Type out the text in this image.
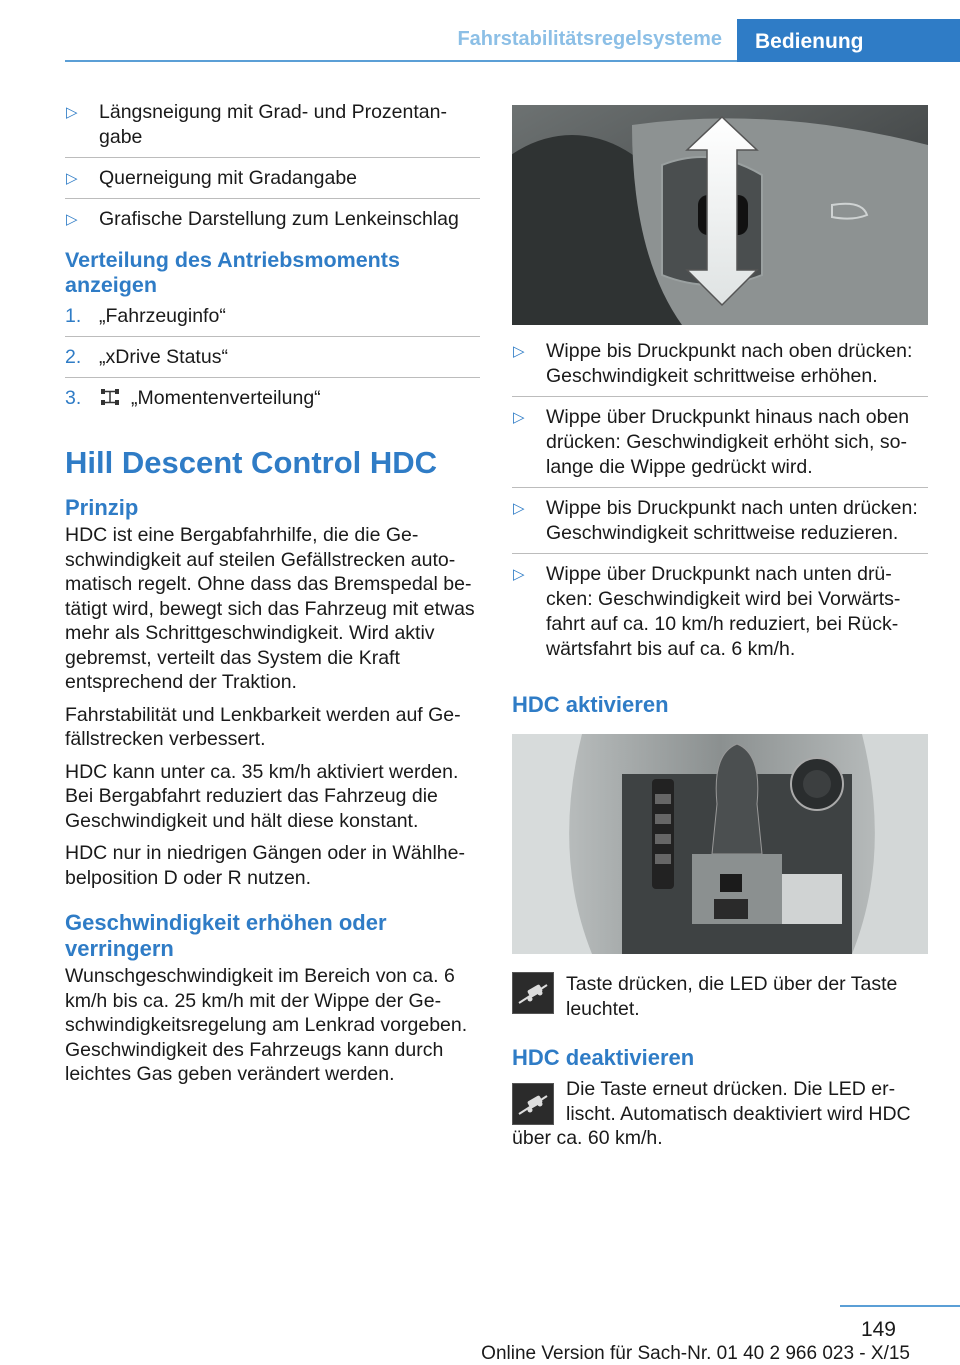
Fahrstabilitätsregelsysteme	Bedienung
▷ Längsneigung mit Grad- und Prozentangabe
▷ Querneigung mit Gradangabe
▷ Grafische Darstellung zum Lenkeinschlag
Verteilung des Antriebsmoments anzeigen
1. „Fahrzeuginfo“
2. „xDrive Status“
3.	„Momentenverteilung“
Hill Descent Control HDC
Prinzip

HDC ist eine Bergabfahrhilfe, die die Geschwindigkeit auf steilen Gefällstrecken automatisch regelt. Ohne dass das Bremspedal betätigt wird, bewegt sich das Fahrzeug mit etwas mehr als Schrittgeschwindigkeit. Wird aktiv gebremst, verteilt das System die Kraft entsprechend der Traktion.

Fahrstabilität und Lenkbarkeit werden auf Gefällstrecken verbessert.

HDC kann unter ca. 35 km/h aktiviert werden. Bei Bergabfahrt reduziert das Fahrzeug die Geschwindigkeit und hält diese konstant.

HDC nur in niedrigen Gängen oder in Wählhebelposition D oder R nutzen.

Geschwindigkeit erhöhen oder verringern

Wunschgeschwindigkeit im Bereich von ca. 6 km/h bis ca. 25 km/h mit der Wippe der Geschwindigkeitsregelung am Lenkrad vorgeben. Geschwindigkeit des Fahrzeugs kann durch leichtes Gas geben verändert werden.

▷ Wippe bis Druckpunkt nach oben drücken: Geschwindigkeit schrittweise erhöhen.
▷ Wippe über Druckpunkt hinaus nach oben drücken: Geschwindigkeit erhöht sich, solange die Wippe gedrückt wird.
▷ Wippe bis Druckpunkt nach unten drücken: Geschwindigkeit schrittweise reduzieren.
▷ Wippe über Druckpunkt nach unten drücken: Geschwindigkeit wird bei Vorwärtsfahrt auf ca. 10 km/h reduziert, bei Rückwärtsfahrt bis auf ca. 6 km/h.
HDC aktivieren

Taste drücken, die LED über der Taste leuchtet.

HDC deaktivieren

Die Taste erneut drücken. Die LED erlischt. Automatisch deaktiviert wird HDC über ca. 60 km/h.

149
Online Version für Sach-Nr. 01 40 2 966 023 - X/15
